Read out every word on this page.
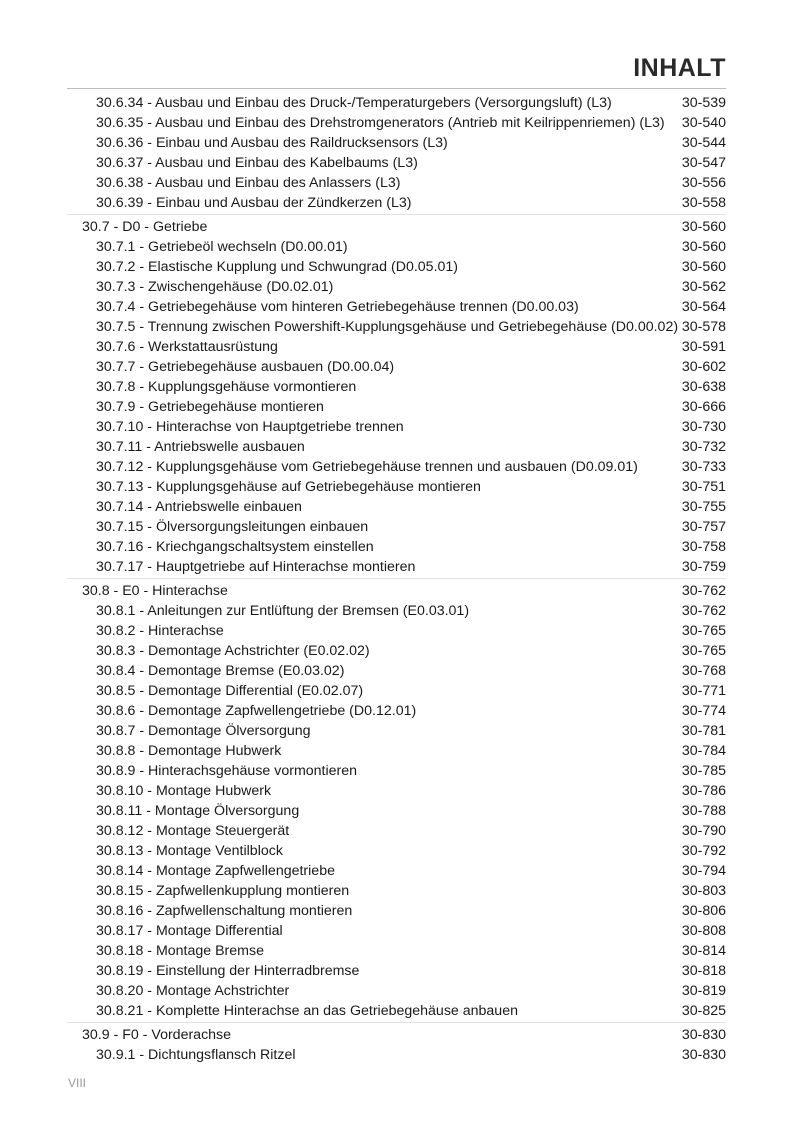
INHALT
30.6.34 - Ausbau und Einbau des Druck-/Temperaturgebers (Versorgungsluft) (L3)	30-539
30.6.35 - Ausbau und Einbau des Drehstromgenerators (Antrieb mit Keilrippenriemen) (L3) 30-540
30.6.36 - Einbau und Ausbau des Raildrucksensors (L3)	30-544
30.6.37 - Ausbau und Einbau des Kabelbaums (L3)	30-547
30.6.38 - Ausbau und Einbau des Anlassers (L3)	30-556
30.6.39 - Einbau und Ausbau der Zündkerzen (L3)	30-558
30.7 - D0 - Getriebe	30-560
30.7.1 - Getriebeöl wechseln (D0.00.01)	30-560
30.7.2 - Elastische Kupplung und Schwungrad (D0.05.01)	30-560
30.7.3 - Zwischengehäuse (D0.02.01)	30-562
30.7.4 - Getriebegehäuse vom hinteren Getriebegehäuse trennen (D0.00.03)	30-564
30.7.5 - Trennung zwischen Powershift-Kupplungsgehäuse und Getriebegehäuse (D0.00.02) 30-578
30.7.6 - Werkstattausrüstung	30-591
30.7.7 - Getriebegehäuse ausbauen (D0.00.04)	30-602
30.7.8 - Kupplungsgehäuse vormontieren	30-638
30.7.9 - Getriebegehäuse montieren	30-666
30.7.10 - Hinterachse von Hauptgetriebe trennen	30-730
30.7.11 - Antriebswelle ausbauen	30-732
30.7.12 - Kupplungsgehäuse vom Getriebegehäuse trennen und ausbauen (D0.09.01)	30-733
30.7.13 - Kupplungsgehäuse auf Getriebegehäuse montieren	30-751
30.7.14 - Antriebswelle einbauen	30-755
30.7.15 - Ölversorgungsleitungen einbauen	30-757
30.7.16 - Kriechgangschaltsystem einstellen	30-758
30.7.17 - Hauptgetriebe auf Hinterachse montieren	30-759
30.8 - E0 - Hinterachse	30-762
30.8.1 - Anleitungen zur Entlüftung der Bremsen (E0.03.01)	30-762
30.8.2 - Hinterachse	30-765
30.8.3 - Demontage Achstrichter (E0.02.02)	30-765
30.8.4 - Demontage Bremse (E0.03.02)	30-768
30.8.5 - Demontage Differential (E0.02.07)	30-771
30.8.6 - Demontage Zapfwellengetriebe (D0.12.01)	30-774
30.8.7 - Demontage Ölversorgung	30-781
30.8.8 - Demontage Hubwerk	30-784
30.8.9 - Hinterachsgehäuse vormontieren	30-785
30.8.10 - Montage Hubwerk	30-786
30.8.11 - Montage Ölversorgung	30-788
30.8.12 - Montage Steuergerät	30-790
30.8.13 - Montage Ventilblock	30-792
30.8.14 - Montage Zapfwellengetriebe	30-794
30.8.15 - Zapfwellenkupplung montieren	30-803
30.8.16 - Zapfwellenschaltung montieren	30-806
30.8.17 - Montage Differential	30-808
30.8.18 - Montage Bremse	30-814
30.8.19 - Einstellung der Hinterradbremse	30-818
30.8.20 - Montage Achstrichter	30-819
30.8.21 - Komplette Hinterachse an das Getriebegehäuse anbauen	30-825
30.9 - F0 - Vorderachse	30-830
30.9.1 - Dichtungsflansch Ritzel	30-830
VIII
